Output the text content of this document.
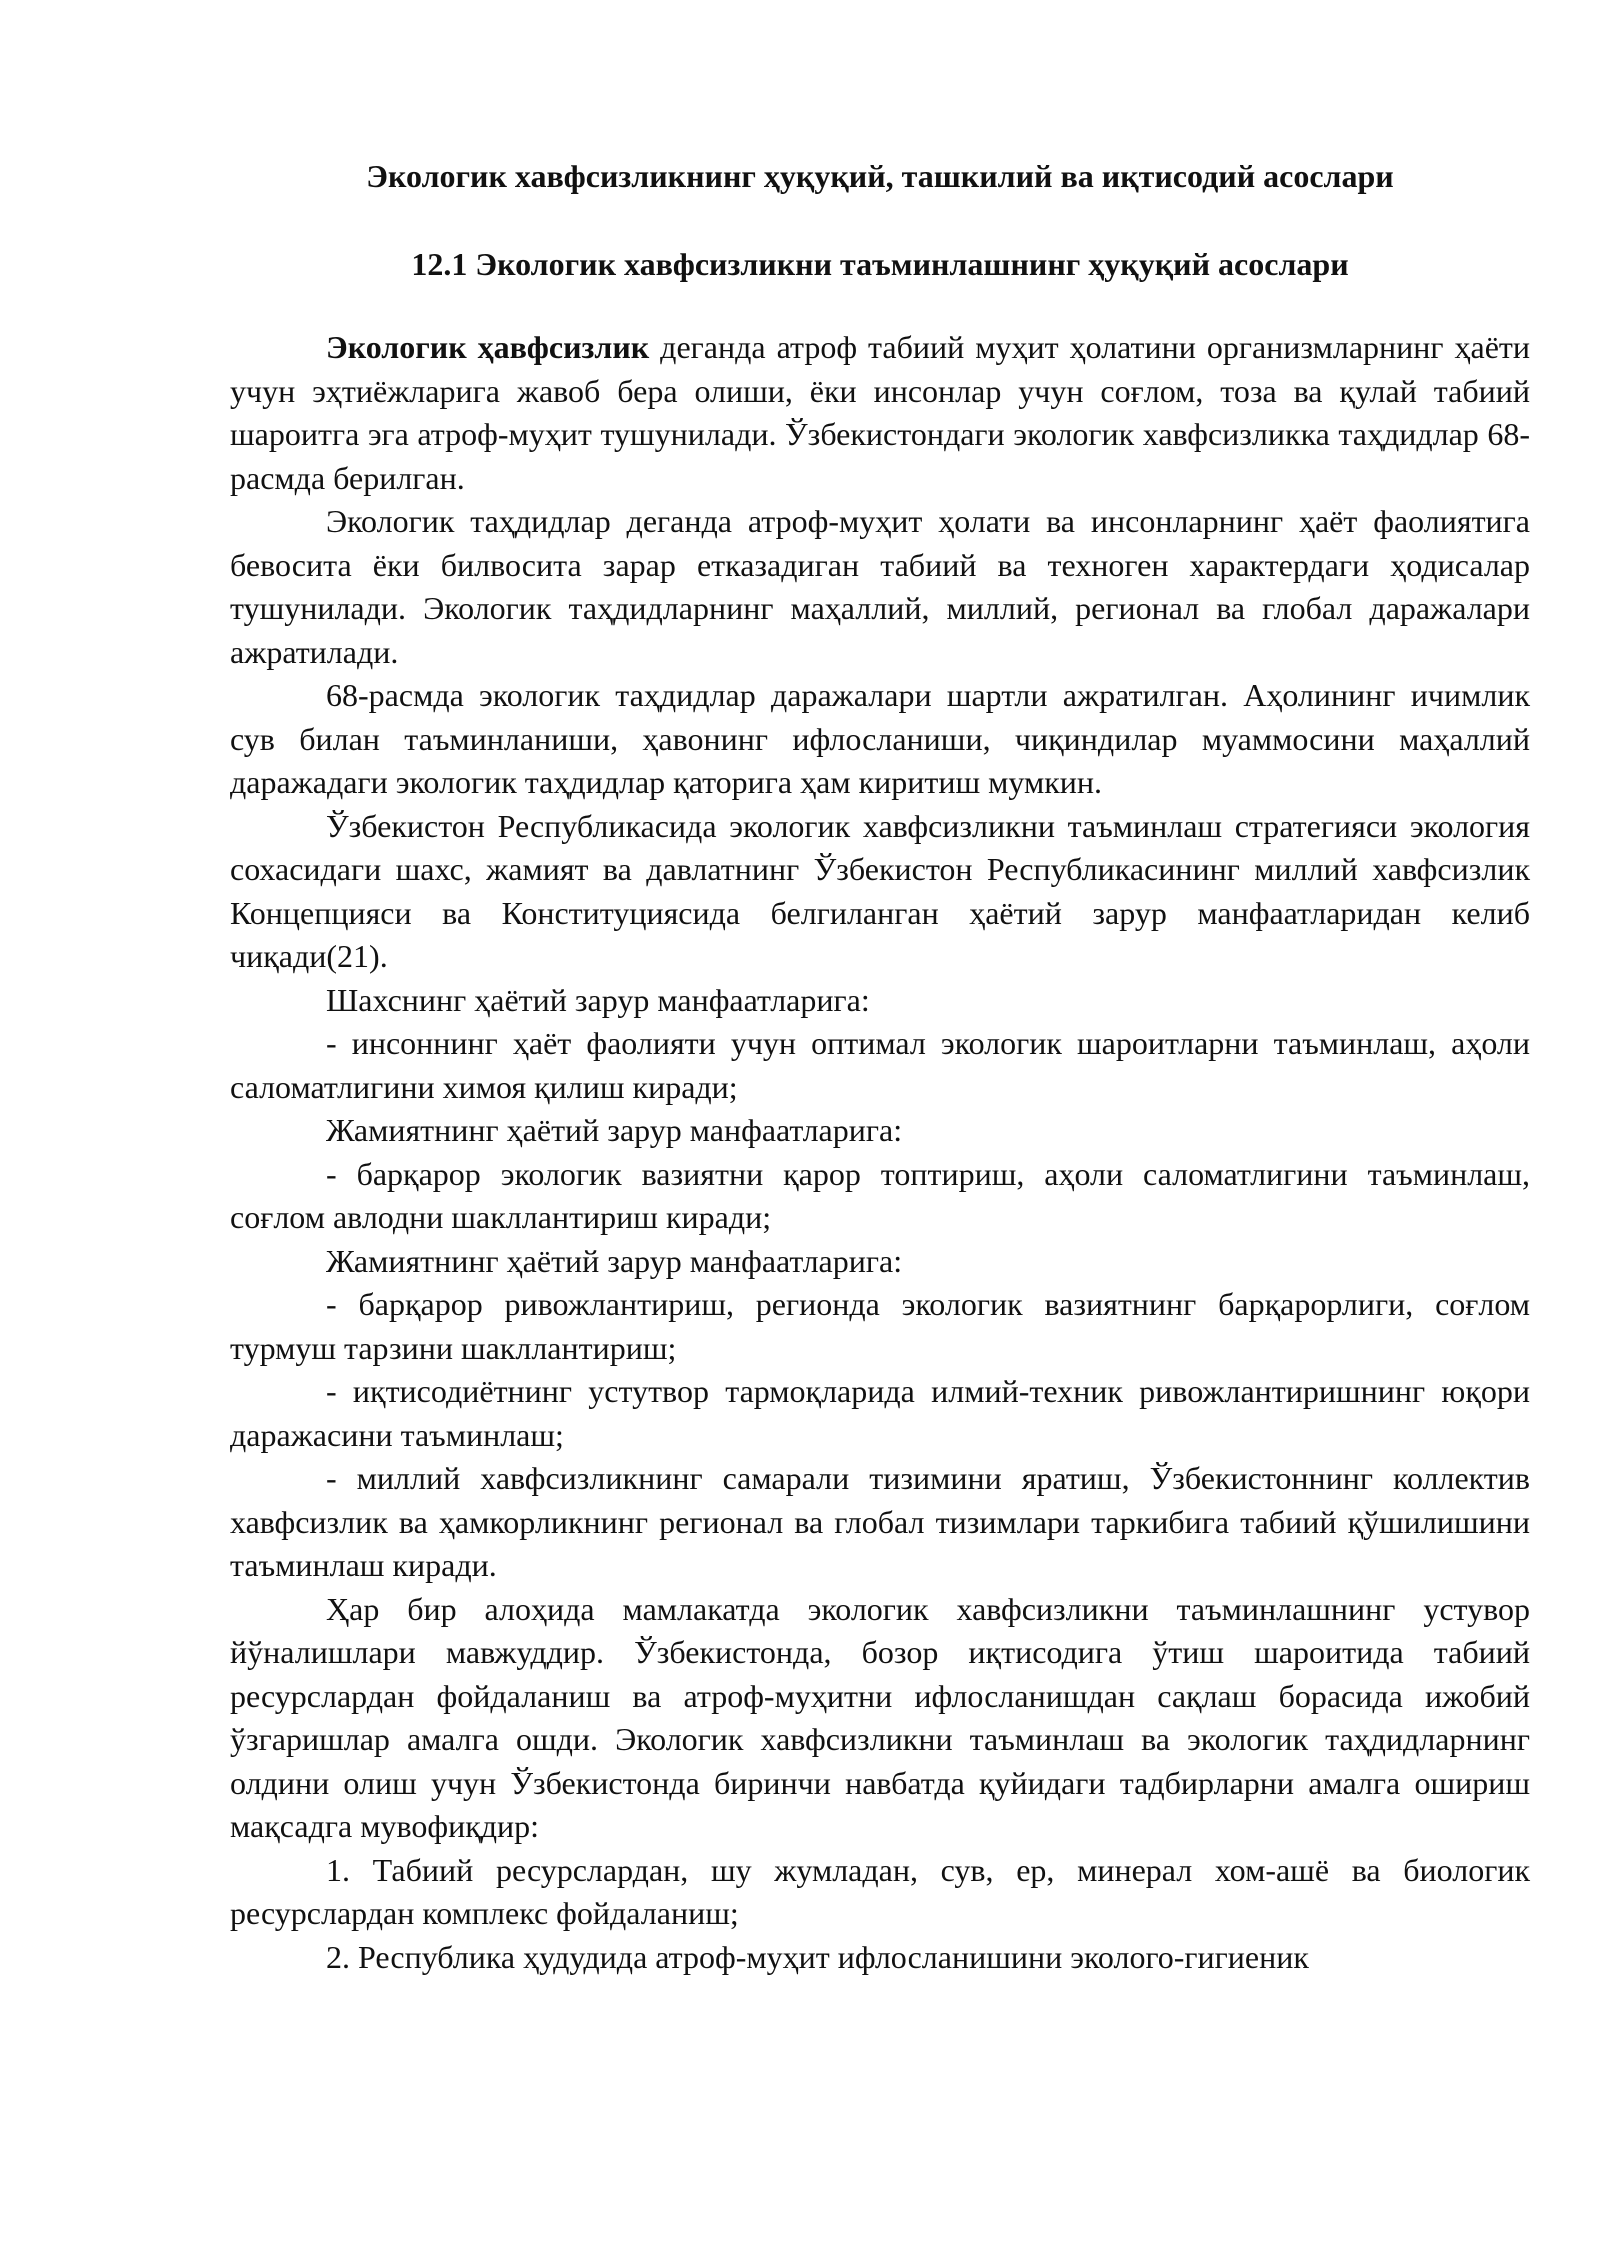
Экологик хавфсизликнинг ҳуқуқий, ташкилий ва иқтисодий асослари
12.1 Экологик хавфсизликни таъминлашнинг ҳуқуқий асослари

Экологик ҳавфсизлик деганда атроф табиий муҳит ҳолатини организмларнинг ҳаёти учун эҳтиёжларига жавоб бера олиши, ёки инсонлар учун соғлом, тоза ва қулай табиий шароитга эга атроф-муҳит тушунилади. Ўзбекистондаги экологик хавфсизликка таҳдидлар 68-расмда берилган.

Экологик таҳдидлар деганда атроф-муҳит ҳолати ва инсонларнинг ҳаёт фаолиятига бевосита ёки билвосита зарар етказадиган табиий ва техноген характердаги ҳодисалар тушунилади. Экологик таҳдидларнинг маҳаллий, миллий, регионал ва глобал даражалари ажратилади.

68-расмда экологик таҳдидлар даражалари шартли ажратилган. Аҳолининг ичимлик сув билан таъминланиши, ҳавонинг ифлосланиши, чиқиндилар муаммосини маҳаллий даражадаги экологик таҳдидлар қаторига ҳам киритиш мумкин.

Ўзбекистон Республикасида экологик хавфсизликни таъминлаш стратегияси экология сохасидаги шахс, жамият ва давлатнинг Ўзбекистон Республикасининг миллий хавфсизлик Концепцияси ва Конституциясида белгиланган ҳаётий зарур манфаатларидан келиб чиқади(21).

Шахснинг ҳаётий зарур манфаатларига:

- инсоннинг ҳаёт фаолияти учун оптимал экологик шароитларни таъминлаш, аҳоли саломатлигини химоя қилиш киради;

Жамиятнинг ҳаётий зарур манфаатларига:

- барқарор экологик вазиятни қарор топтириш, аҳоли саломатлигини таъминлаш, соғлом авлодни шакллантириш киради;

Жамиятнинг ҳаётий зарур манфаатларига:

- барқарор ривожлантириш, регионда экологик вазиятнинг барқарорлиги, соғлом турмуш тарзини шакллантириш;

- иқтисодиётнинг устутвор тармоқларида илмий-техник ривожлантиришнинг юқори даражасини таъминлаш;

- миллий хавфсизликнинг самарали тизимини яратиш, Ўзбекистоннинг коллектив хавфсизлик ва ҳамкорликнинг регионал ва глобал тизимлари таркибига табиий қўшилишини таъминлаш киради.

Ҳар бир алоҳида мамлакатда экологик хавфсизликни таъминлашнинг устувор йўналишлари мавжуддир. Ўзбекистонда, бозор иқтисодига ўтиш шароитида табиий ресурслардан фойдаланиш ва атроф-муҳитни ифлосланишдан сақлаш борасида ижобий ўзгаришлар амалга ошди. Экологик хавфсизликни таъминлаш ва экологик таҳдидларнинг олдини олиш учун Ўзбекистонда биринчи навбатда қуйидаги тадбирларни амалга ошириш мақсадга мувофиқдир:

1. Табиий ресурслардан, шу жумладан, сув, ер, минерал хом-ашё ва биологик ресурслардан комплекс фойдаланиш;

2. Республика ҳудудида атроф-муҳит ифлосланишини эколого-гигиеник
